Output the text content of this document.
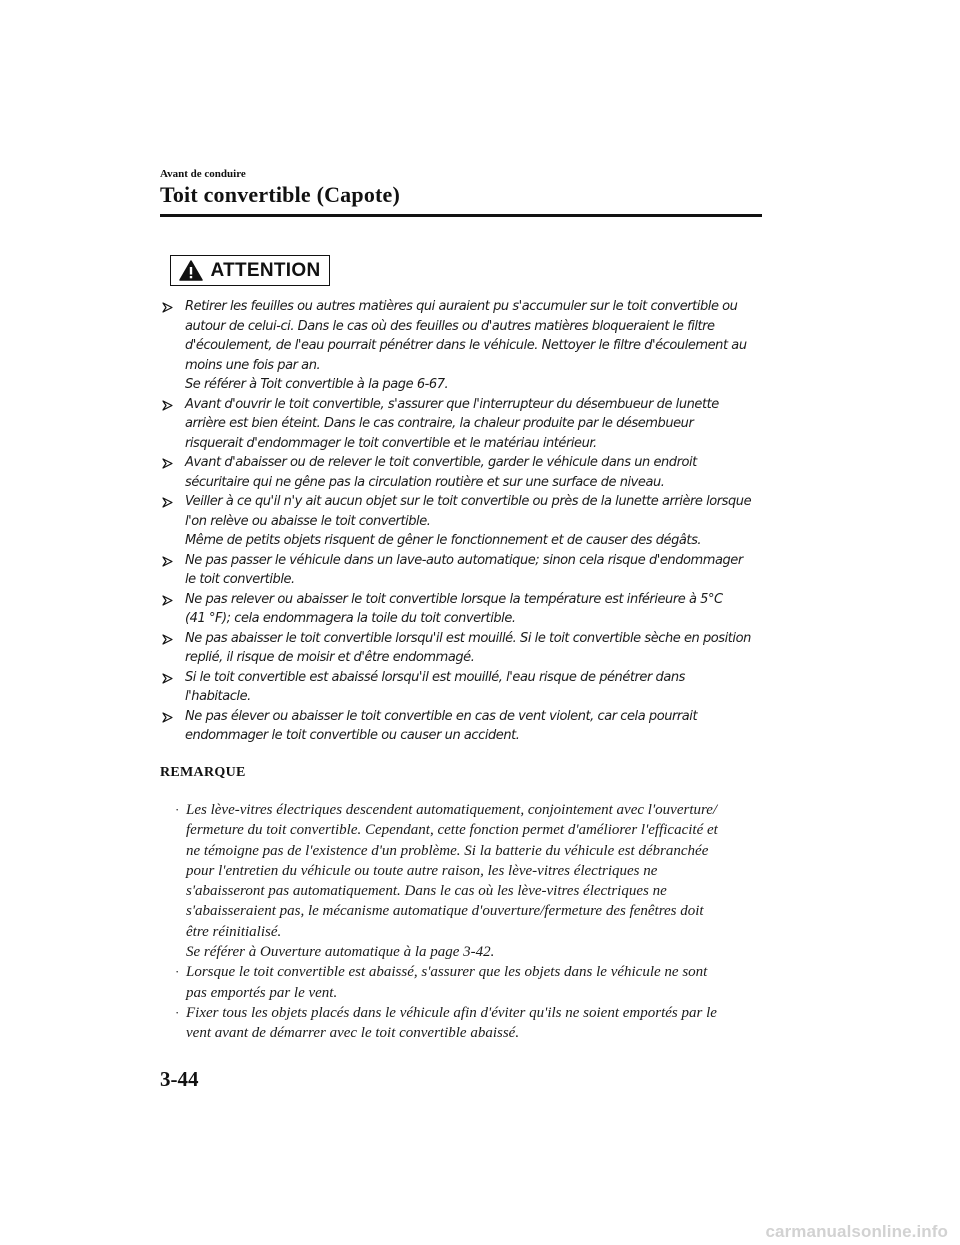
Avant de conduire
Toit convertible (Capote)
ATTENTION
Retirer les feuilles ou autres matières qui auraient pu s'accumuler sur le toit convertible ou
autour de celui-ci. Dans le cas où des feuilles ou d'autres matières bloqueraient le filtre
d'écoulement, de l'eau pourrait pénétrer dans le véhicule. Nettoyer le filtre d'écoulement au
moins une fois par an.
Se référer à Toit convertible à la page 6-67.
Avant d'ouvrir le toit convertible, s'assurer que l'interrupteur du désembueur de lunette
arrière est bien éteint. Dans le cas contraire, la chaleur produite par le désembueur
risquerait d'endommager le toit convertible et le matériau intérieur.
Avant d'abaisser ou de relever le toit convertible, garder le véhicule dans un endroit
sécuritaire qui ne gêne pas la circulation routière et sur une surface de niveau.
Veiller à ce qu'il n'y ait aucun objet sur le toit convertible ou près de la lunette arrière lorsque
l'on relève ou abaisse le toit convertible.
Même de petits objets risquent de gêner le fonctionnement et de causer des dégâts.
Ne pas passer le véhicule dans un lave-auto automatique; sinon cela risque d'endommager
le toit convertible.
Ne pas relever ou abaisser le toit convertible lorsque la température est inférieure à 5°C
(41 °F); cela endommagera la toile du toit convertible.
Ne pas abaisser le toit convertible lorsqu'il est mouillé. Si le toit convertible sèche en position
replié, il risque de moisir et d'être endommagé.
Si le toit convertible est abaissé lorsqu'il est mouillé, l'eau risque de pénétrer dans
l'habitacle.
Ne pas élever ou abaisser le toit convertible en cas de vent violent, car cela pourrait
endommager le toit convertible ou causer un accident.
REMARQUE
· Les lève-vitres électriques descendent automatiquement, conjointement avec l'ouverture/
fermeture du toit convertible. Cependant, cette fonction permet d'améliorer l'efficacité et
ne témoigne pas de l'existence d'un problème. Si la batterie du véhicule est débranchée
pour l'entretien du véhicule ou toute autre raison, les lève-vitres électriques ne
s'abaisseront pas automatiquement. Dans le cas où les lève-vitres électriques ne
s'abaisseraient pas, le mécanisme automatique d'ouverture/fermeture des fenêtres doit
être réinitialisé.
Se référer à Ouverture automatique à la page 3-42.
· Lorsque le toit convertible est abaissé, s'assurer que les objets dans le véhicule ne sont
pas emportés par le vent.
· Fixer tous les objets placés dans le véhicule afin d'éviter qu'ils ne soient emportés par le
vent avant de démarrer avec le toit convertible abaissé.
3-44
carmanualsonline.info
